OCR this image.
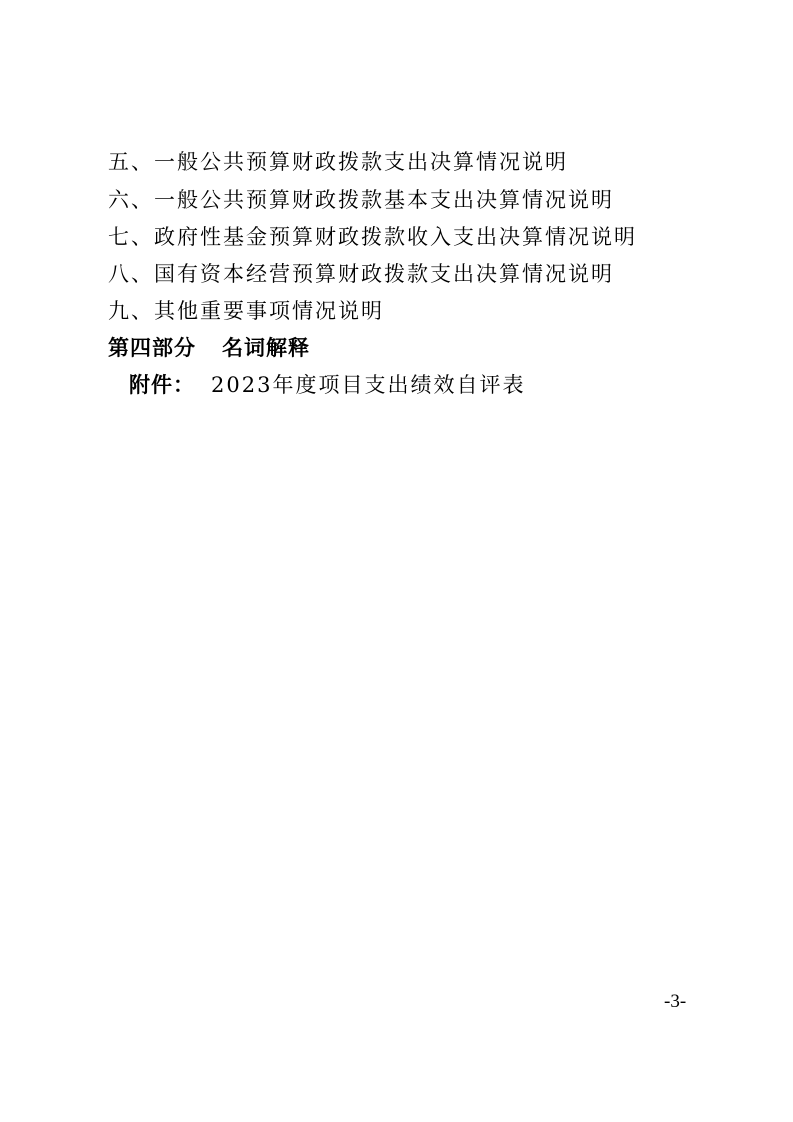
五、一般公共预算财政拨款支出决算情况说明
六、一般公共预算财政拨款基本支出决算情况说明
七、政府性基金预算财政拨款收入支出决算情况说明
八、国有资本经营预算财政拨款支出决算情况说明
九、其他重要事项情况说明
第四部分 名词解释
附件： 2023年度项目支出绩效自评表
-3-
